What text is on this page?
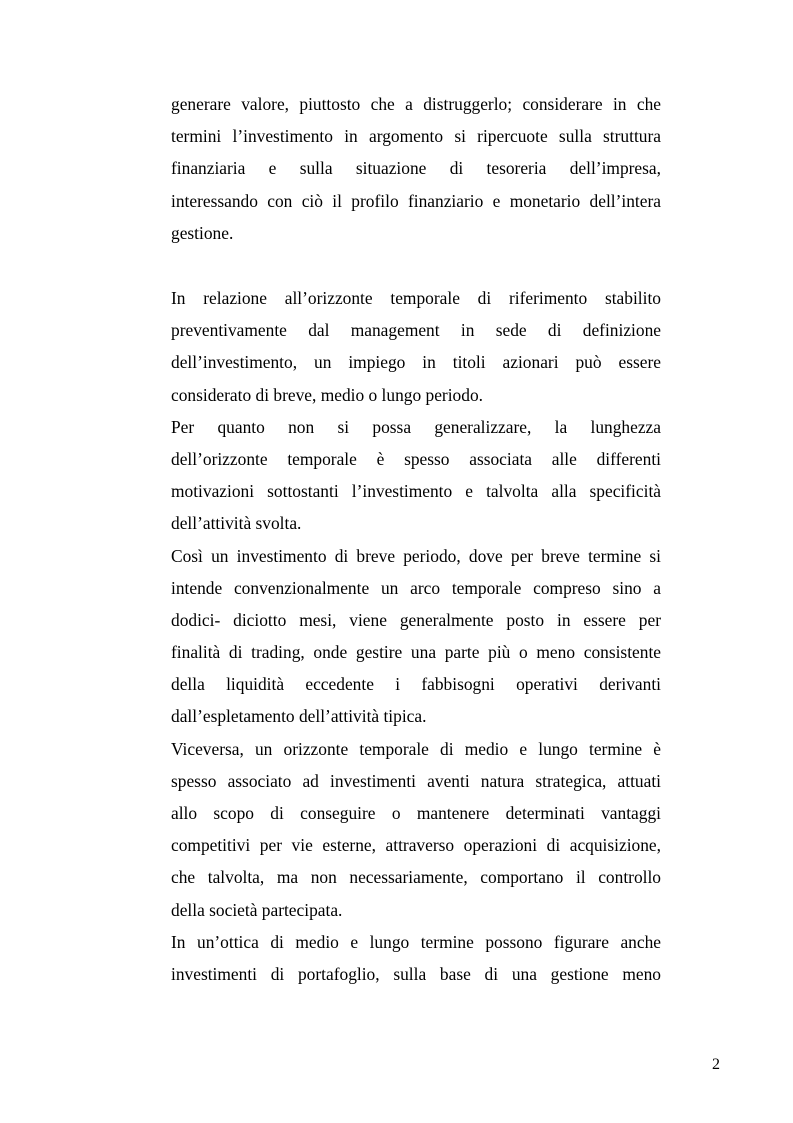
generare valore, piuttosto che a distruggerlo; considerare in che
termini l’investimento in argomento si ripercuote sulla struttura
finanziaria e sulla situazione di tesoreria dell’impresa,
interessando con ciò il profilo finanziario e monetario dell’intera
gestione.
In relazione all’orizzonte temporale di riferimento stabilito
preventivamente dal management in sede di definizione
dell’investimento, un impiego in titoli azionari può essere
considerato di breve, medio o lungo periodo.
Per quanto non si possa generalizzare, la lunghezza
dell’orizzonte temporale è spesso associata alle differenti
motivazioni sottostanti l’investimento e talvolta alla specificità
dell’attività svolta.
Così un investimento di breve periodo, dove per breve termine si
intende convenzionalmente un arco temporale compreso sino a
dodici- diciotto mesi, viene generalmente posto in essere per
finalità di trading, onde gestire una parte più o meno consistente
della liquidità eccedente i fabbisogni operativi derivanti
dall’espletamento dell’attività tipica.
Viceversa, un orizzonte temporale di medio e lungo termine è
spesso associato ad investimenti aventi natura strategica, attuati
allo scopo di conseguire o mantenere determinati vantaggi
competitivi per vie esterne, attraverso operazioni di acquisizione,
che talvolta, ma non necessariamente, comportano il controllo
della società partecipata.
In un’ottica di medio e lungo termine possono figurare anche
investimenti di portafoglio, sulla base di una gestione meno
2
